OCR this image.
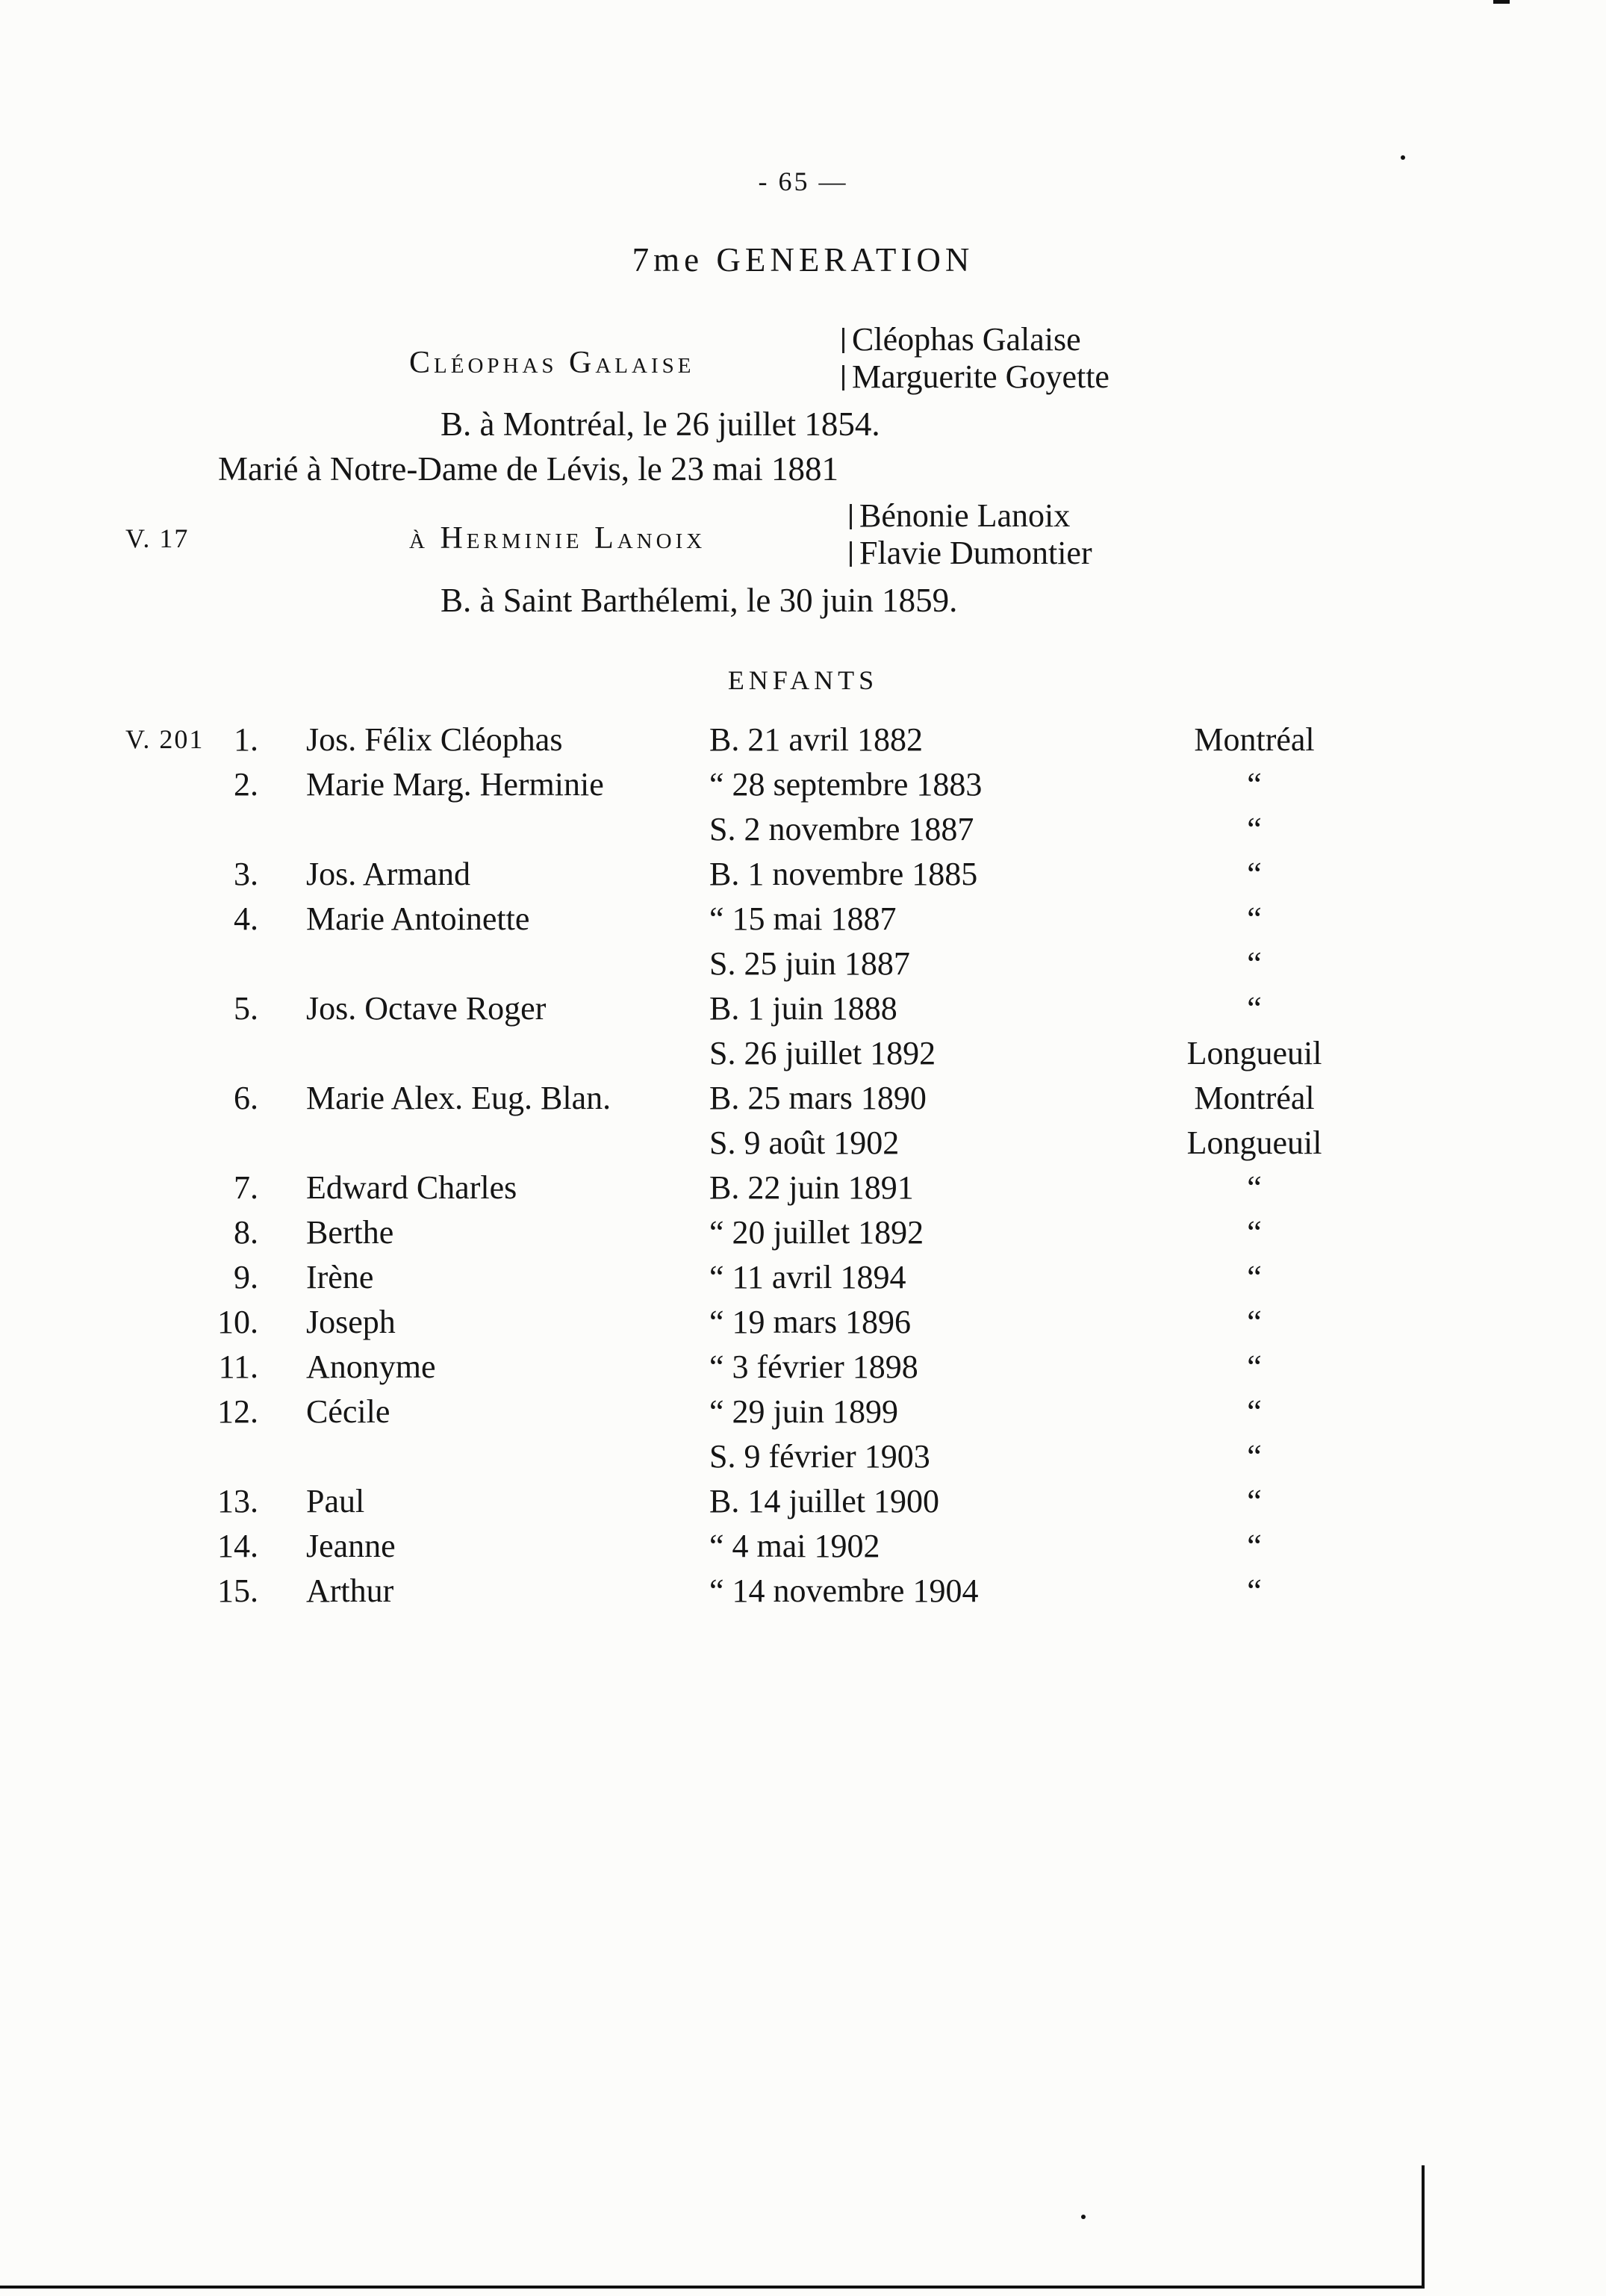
- 65 —
7me GENERATION
Cléophas Galaise
Cléophas Galaise
Marguerite Goyette
B. à Montréal, le 26 juillet 1854.
Marié à Notre-Dame de Lévis, le 23 mai 1881
V. 17	à Herminie Lanoix
Bénonie Lanoix
Flavie Dumontier
B. à Saint Barthélemi, le 30 juin 1859.
ENFANTS
V. 201 1. Jos. Félix Cléophas	B. 21 avril 1882	Montréal
2. Marie Marg. Herminie	“ 28 septembre 1883	“
S. 2 novembre 1887	“
3. Jos. Armand	B. 1 novembre 1885	“
4. Marie Antoinette	“ 15 mai 1887	“
S. 25 juin 1887	“
5. Jos. Octave Roger	B. 1 juin 1888	“
S. 26 juillet 1892	Longueuil
6. Marie Alex. Eug. Blan.	B. 25 mars 1890	Montréal
S. 9 août 1902	Longueuil
7. Edward Charles	B. 22 juin 1891	“
8. Berthe	“ 20 juillet 1892	“
9. Irène	“ 11 avril 1894	“
10. Joseph	“ 19 mars 1896	“
11. Anonyme	“ 3 février 1898	“
12. Cécile	“ 29 juin 1899	“
S. 9 février 1903	“
13. Paul	B. 14 juillet 1900	“
14. Jeanne	“ 4 mai 1902	“
15. Arthur	“ 14 novembre 1904	“
